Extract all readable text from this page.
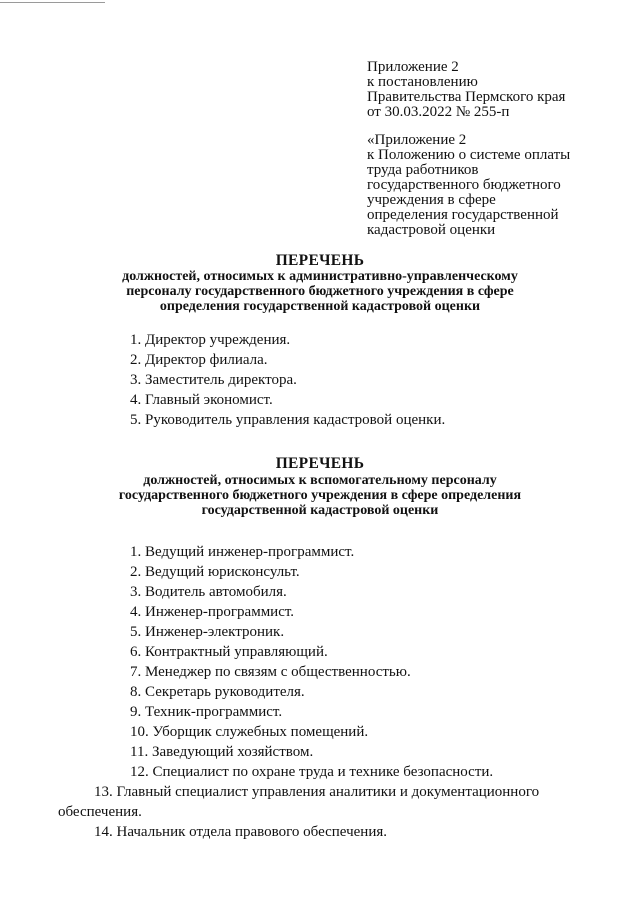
Приложение 2
к постановлению
Правительства Пермского края
от 30.03.2022 № 255-п
«Приложение 2
к Положению о системе оплаты
труда работников
государственного бюджетного
учреждения в сфере
определения государственной
кадастровой оценки
ПЕРЕЧЕНЬ
должностей, относимых к административно-управленческому
персоналу государственного бюджетного учреждения в сфере
определения государственной кадастровой оценки
1. Директор учреждения.
2. Директор филиала.
3. Заместитель директора.
4. Главный экономист.
5. Руководитель управления кадастровой оценки.
ПЕРЕЧЕНЬ
должностей, относимых к вспомогательному персоналу
государственного бюджетного учреждения в сфере определения
государственной кадастровой оценки
1. Ведущий инженер-программист.
2. Ведущий юрисконсульт.
3. Водитель автомобиля.
4. Инженер-программист.
5. Инженер-электроник.
6. Контрактный управляющий.
7. Менеджер по связям с общественностью.
8. Секретарь руководителя.
9. Техник-программист.
10. Уборщик служебных помещений.
11. Заведующий хозяйством.
12. Специалист по охране труда и технике безопасности.
13. Главный специалист управления аналитики и документационного обеспечения.
14. Начальник отдела правового обеспечения.
